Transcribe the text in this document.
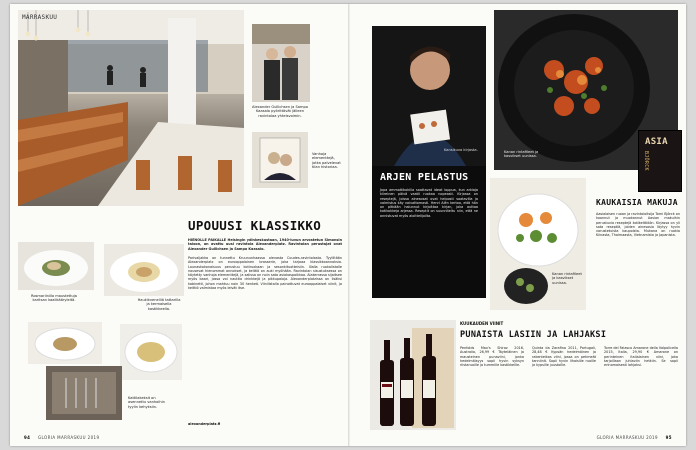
MARRASKUU
Alexander Gullichsen ja Sampo Kaasalo pyörittävät jälleen ravintolaa yhteisvoimin.
Vanhoja elementtejä, jotka palvelevat tilan historiaa.
UPOUUSI KLASSIKKO
HIENOLLE PAIKALLE Helsingin ydinkeskustaan, 1940-luvun arvostetun Simonsin taloon, on avattu uusi ravintola Alexanderplatz. Ravintolan perustajat ovat Alexander Gullichsen ja Sampo Kaasalo.
Parivaljakko on tunnettu Kruununhaassa olevasta Coudes-ravintolasta. Tyyliltään Alexanderplatz on eurooppalainen brasserie, joka tarjoaa klassikkoannoksia. Lounaskokonaisuus perustuu kotiruokaan ja sesonkituotteisiin. Illalla ruokalistalle nousevat hienommat annokset, ja keittiö on auki myöhään. Ravintolan sisustuksessa on käytetty vanhoja elementtejä, ja salissa on noin sata asiakaspaikkaa. Alakerrassa sijaitsee myös baari, jossa voi nauttia drinkkejä ja pikkupaloja. Alexanderplatzissa on lisäksi kabinetti, johon mahtuu noin 30 henkeä. Viinilistalla painottuvat eurooppalaiset viinit, ja keittiö valmistaa myös leivät itse.
alexanderplatz.fi
Rosmariinilla maustettuja karitsan kaalikääryleitä.	Haukikvenelliä tattarilla ja kermaisella kastikkeella.
Kattilakeksit on asennettu vanhoihin tyylin kehyksiin.
94 GLORIA MARRASKUU 2019
Kansikuva kirjasta.
ARJEN PELASTUS
Jopa ammattikokilla saattavat ideat loppua, kun arkiaja kiireinen päivä vaatii ruokaa nopeasti. Kirjassa on reseptejä, joissa ainesosat ovat helposti saatavilla ja valmistus käy vaivattomasti. Henri Alén kertoo, että hän on pitkään halunnut kirjoittaa kirjan, joka auttaa kotikokkeja arjessa. Reseptit on suunniteltu niin, että ne onnistuvat myös aloittelijoilta.
Kanan rintafileet ja kasvikset uunissa.
ASIA
BJÖRCK
Kanan rintafileet ja kasvikset uunissa.
KAUKAISIA MAKUJA
Aasialaisen ruoan ja ravintoloitsija Tomi Björck on koonnut ja muokannut Aasian makuihin perustuvia reseptejä kotikeittiöön. Kirjassa on yli sata reseptiä, joiden ainesosia löytyy hyvin varustetuista kaupoista. Mukana on ruokia Kiinasta, Thaimaasta, Vietnamista ja Japanista.
KUUKAUDEN VIINIT
PUNAISTA LASIIN JA LAHJAKSI
Penfolds Max's Shiraz 2016, Australia, 26,99 € Täyteläinen ja mausteinen punaviini, jonka hedelmäisyys sopii hyvin syksyn riistaruoille ja tummille kastikkeille.
Quinta da Zarafina 2011, Portugali, 28,48 € Kypsän hedelmäinen ja rakenteikas viini, jossa on pehmeät tanniinit. Sopii hyvin lihaisille ruoille ja kypsille juustoille.
Torre del Falasco Amarone della Valpolicella 2015, Italia, 29,90 € Amarone on perinteinen italialainen viini, joka tarjoillaan juhlaviin hetkiin. Se sopii erinomaisesti lahjaksi.
GLORIA MARRASKUU 2019 95
